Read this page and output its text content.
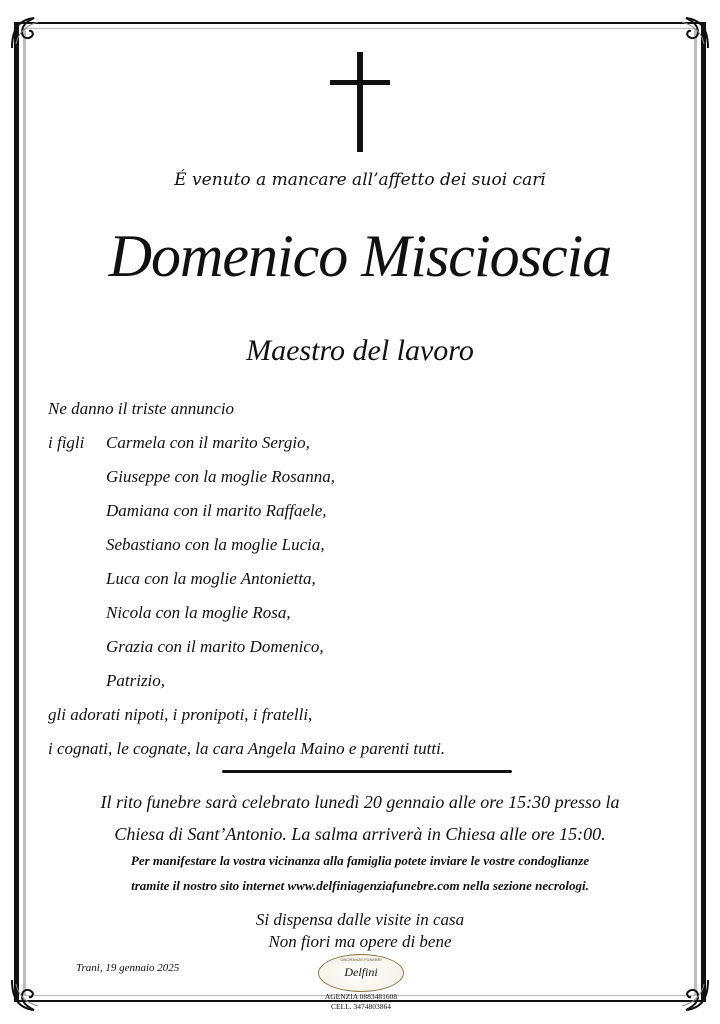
É venuto a mancare all’affetto dei suoi cari
Domenico Miscioscia
Maestro del lavoro
Ne danno il triste annuncio
i figli Carmela con il marito Sergio,
Giuseppe con la moglie Rosanna,
Damiana con il marito Raffaele,
Sebastiano con la moglie Lucia,
Luca con la moglie Antonietta,
Nicola con la moglie Rosa,
Grazia con il marito Domenico,
Patrizio,
gli adorati nipoti, i pronipoti, i fratelli,
i cognati, le cognate, la cara Angela Maino e parenti tutti.
Il rito funebre sarà celebrato lunedì 20 gennaio alle ore 15:30 presso la
Chiesa di Sant’Antonio. La salma arriverà in Chiesa alle ore 15:00.
Per manifestare la vostra vicinanza alla famiglia potete inviare le vostre condoglianze
tramite il nostro sito internet www.delfiniagenziafunebre.com nella sezione necrologi.
Si dispensa dalle visite in casa
Non fiori ma opere di bene
Trani, 19 gennaio 2025
ONORANZE FUNEBRI
Delfini
AGENZIA 0883481608
CELL. 3474803864
